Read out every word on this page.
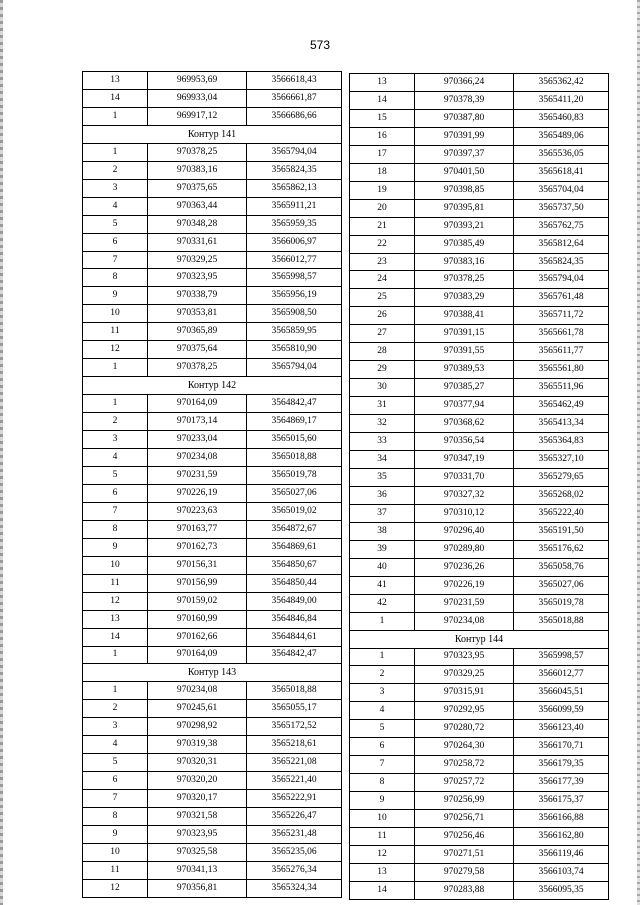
573
13	969953,69	3566618,43
14	969933,04	3566661,87
1	969917,12	3566686,66
Контур 141		
1	970378,25	3565794,04
2	970383,16	3565824,35
3	970375,65	3565862,13
4	970363,44	3565911,21
5	970348,28	3565959,35
6	970331,61	3566006,97
7	970329,25	3566012,77
8	970323,95	3565998,57
9	970338,79	3565956,19
10	970353,81	3565908,50
11	970365,89	3565859,95
12	970375,64	3565810,90
1	970378,25	3565794,04
Контур 142		
1	970164,09	3564842,47
2	970173,14	3564869,17
3	970233,04	3565015,60
4	970234,08	3565018,88
5	970231,59	3565019,78
6	970226,19	3565027,06
7	970223,63	3565019,02
8	970163,77	3564872,67
9	970162,73	3564869,61
10	970156,31	3564850,67
11	970156,99	3564850,44
12	970159,02	3564849,00
13	970160,99	3564846,84
14	970162,66	3564844,61
1	970164,09	3564842,47
Контур 143		
1	970234,08	3565018,88
2	970245,61	3565055,17
3	970298,92	3565172,52
4	970319,38	3565218,61
5	970320,31	3565221,08
6	970320,20	3565221,40
7	970320,17	3565222,91
8	970321,58	3565226,47
9	970323,95	3565231,48
10	970325,58	3565235,06
11	970341,13	3565276,34
12	970356,81	3565324,34
13	970366,24	3565362,42
14	970378,39	3565411,20
15	970387,80	3565460,83
16	970391,99	3565489,06
17	970397,37	3565536,05
18	970401,50	3565618,41
19	970398,85	3565704,04
20	970395,81	3565737,50
21	970393,21	3565762,75
22	970385,49	3565812,64
23	970383,16	3565824,35
24	970378,25	3565794,04
25	970383,29	3565761,48
26	970388,41	3565711,72
27	970391,15	3565661,78
28	970391,55	3565611,77
29	970389,53	3565561,80
30	970385,27	3565511,96
31	970377,94	3565462,49
32	970368,62	3565413,34
33	970356,54	3565364,83
34	970347,19	3565327,10
35	970331,70	3565279,65
36	970327,32	3565268,02
37	970310,12	3565222,40
38	970296,40	3565191,50
39	970289,80	3565176,62
40	970236,26	3565058,76
41	970226,19	3565027,06
42	970231,59	3565019,78
1	970234,08	3565018,88
Контур 144		
1	970323,95	3565998,57
2	970329,25	3566012,77
3	970315,91	3566045,51
4	970292,95	3566099,59
5	970280,72	3566123,40
6	970264,30	3566170,71
7	970258,72	3566179,35
8	970257,72	3566177,39
9	970256,99	3566175,37
10	970256,71	3566166,88
11	970256,46	3566162,80
12	970271,51	3566119,46
13	970279,58	3566103,74
14	970283,88	3566095,35
